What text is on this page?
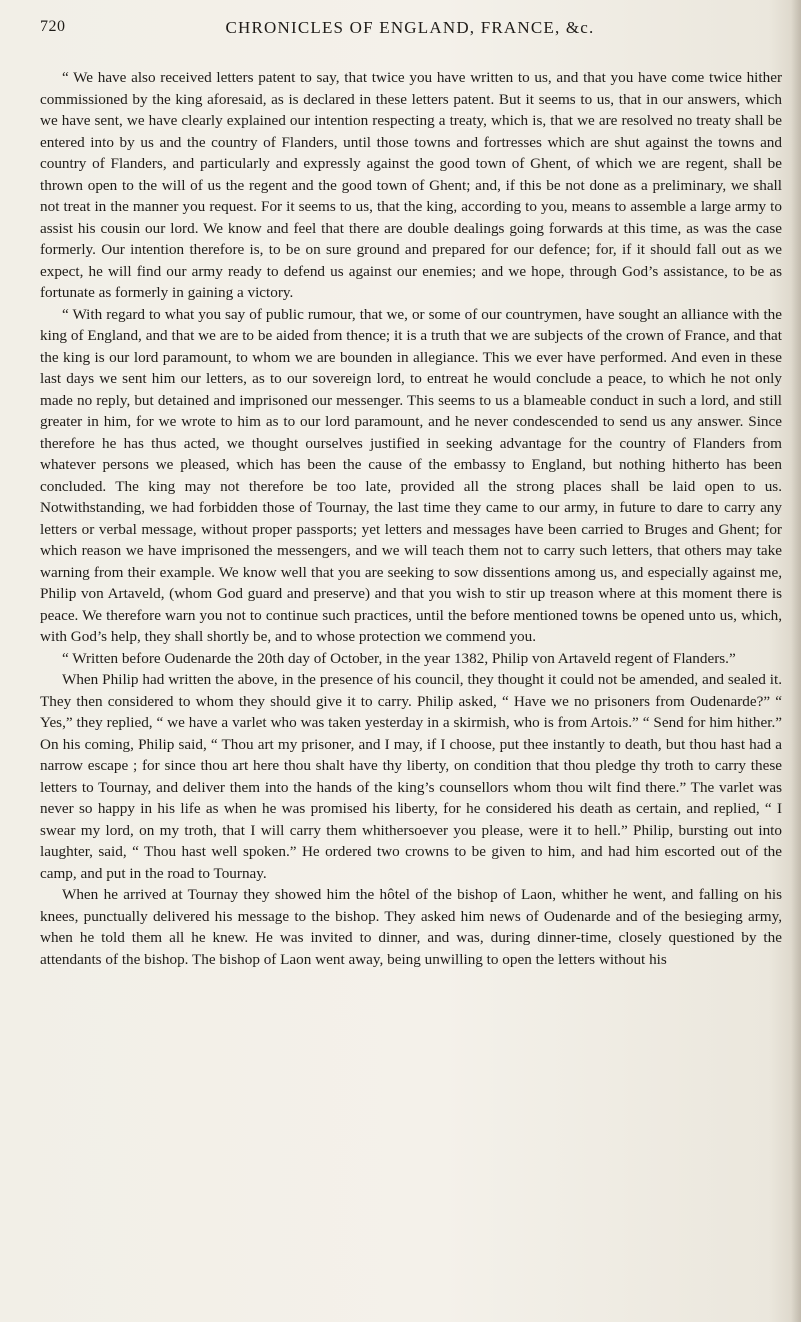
720	CHRONICLES OF ENGLAND, FRANCE, &c.

“ We have also received letters patent to say, that twice you have written to us, and that you have come twice hither commissioned by the king aforesaid, as is declared in these letters patent. But it seems to us, that in our answers, which we have sent, we have clearly explained our intention respecting a treaty, which is, that we are resolved no treaty shall be entered into by us and the country of Flanders, until those towns and fortresses which are shut against the towns and country of Flanders, and particularly and expressly against the good town of Ghent, of which we are regent, shall be thrown open to the will of us the regent and the good town of Ghent; and, if this be not done as a preliminary, we shall not treat in the manner you request. For it seems to us, that the king, according to you, means to assemble a large army to assist his cousin our lord. We know and feel that there are double dealings going forwards at this time, as was the case formerly. Our intention therefore is, to be on sure ground and prepared for our defence; for, if it should fall out as we expect, he will find our army ready to defend us against our enemies; and we hope, through God’s assistance, to be as fortunate as formerly in gaining a victory.

“ With regard to what you say of public rumour, that we, or some of our countrymen, have sought an alliance with the king of England, and that we are to be aided from thence; it is a truth that we are subjects of the crown of France, and that the king is our lord paramount, to whom we are bounden in allegiance. This we ever have performed. And even in these last days we sent him our letters, as to our sovereign lord, to entreat he would conclude a peace, to which he not only made no reply, but detained and imprisoned our messenger. This seems to us a blameable conduct in such a lord, and still greater in him, for we wrote to him as to our lord paramount, and he never condescended to send us any answer. Since therefore he has thus acted, we thought ourselves justified in seeking advantage for the country of Flanders from whatever persons we pleased, which has been the cause of the embassy to England, but nothing hitherto has been concluded. The king may not therefore be too late, provided all the strong places shall be laid open to us. Notwithstanding, we had forbidden those of Tournay, the last time they came to our army, in future to dare to carry any letters or verbal message, without proper passports; yet letters and messages have been carried to Bruges and Ghent; for which reason we have imprisoned the messengers, and we will teach them not to carry such letters, that others may take warning from their example. We know well that you are seeking to sow dissentions among us, and especially against me, Philip von Artaveld, (whom God guard and preserve) and that you wish to stir up treason where at this moment there is peace. We therefore warn you not to continue such practices, until the before mentioned towns be opened unto us, which, with God’s help, they shall shortly be, and to whose protection we commend you.

“ Written before Oudenarde the 20th day of October, in the year 1382, Philip von Artaveld regent of Flanders.”

When Philip had written the above, in the presence of his council, they thought it could not be amended, and sealed it. They then considered to whom they should give it to carry. Philip asked, “ Have we no prisoners from Oudenarde?” “ Yes,” they replied, “ we have a varlet who was taken yesterday in a skirmish, who is from Artois.” “ Send for him hither.” On his coming, Philip said, “ Thou art my prisoner, and I may, if I choose, put thee instantly to death, but thou hast had a narrow escape ; for since thou art here thou shalt have thy liberty, on condition that thou pledge thy troth to carry these letters to Tournay, and deliver them into the hands of the king’s counsellors whom thou wilt find there.” The varlet was never so happy in his life as when he was promised his liberty, for he considered his death as certain, and replied, “ I swear my lord, on my troth, that I will carry them whithersoever you please, were it to hell.” Philip, bursting out into laughter, said, “ Thou hast well spoken.” He ordered two crowns to be given to him, and had him escorted out of the camp, and put in the road to Tournay.

When he arrived at Tournay they showed him the hôtel of the bishop of Laon, whither he went, and falling on his knees, punctually delivered his message to the bishop. They asked him news of Oudenarde and of the besieging army, when he told them all he knew. He was invited to dinner, and was, during dinner-time, closely questioned by the attendants of the bishop. The bishop of Laon went away, being unwilling to open the letters without his
